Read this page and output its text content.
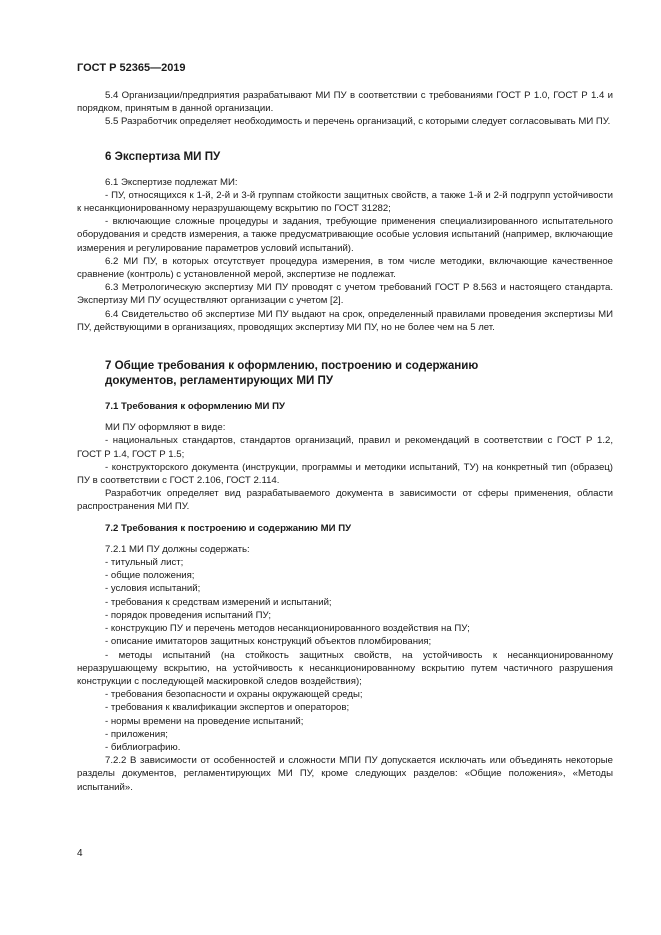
ГОСТ Р 52365—2019

5.4 Организации/предприятия разрабатывают МИ ПУ в соответствии с требованиями ГОСТ Р 1.0, ГОСТ Р 1.4 и порядком, принятым в данной организации.

5.5 Разработчик определяет необходимость и перечень организаций, с которыми следует согласовывать МИ ПУ.

6 Экспертиза МИ ПУ

6.1 Экспертизе подлежат МИ:

- ПУ, относящихся к 1-й, 2-й и 3-й группам стойкости защитных свойств, а также 1-й и 2-й подгрупп устойчивости к несанкционированному неразрушающему вскрытию по ГОСТ 31282;

- включающие сложные процедуры и задания, требующие применения специализированного испытательного оборудования и средств измерения, а также предусматривающие особые условия испытаний (например, включающие измерения и регулирование параметров условий испытаний).

6.2 МИ ПУ, в которых отсутствует процедура измерения, в том числе методики, включающие качественное сравнение (контроль) с установленной мерой, экспертизе не подлежат.

6.3 Метрологическую экспертизу МИ ПУ проводят с учетом требований ГОСТ Р 8.563 и настоящего стандарта. Экспертизу МИ ПУ осуществляют организации с учетом [2].

6.4 Свидетельство об экспертизе МИ ПУ выдают на срок, определенный правилами проведения экспертизы МИ ПУ, действующими в организациях, проводящих экспертизу МИ ПУ, но не более чем на 5 лет.

7 Общие требования к оформлению, построению и содержанию

документов, регламентирующих МИ ПУ

7.1 Требования к оформлению МИ ПУ

МИ ПУ оформляют в виде:

- национальных стандартов, стандартов организаций, правил и рекомендаций в соответствии с ГОСТ Р 1.2, ГОСТ Р 1.4, ГОСТ Р 1.5;

- конструкторского документа (инструкции, программы и методики испытаний, ТУ) на конкретный тип (образец) ПУ в соответствии с ГОСТ 2.106, ГОСТ 2.114.

Разработчик определяет вид разрабатываемого документа в зависимости от сферы применения, области распространения МИ ПУ.

7.2 Требования к построению и содержанию МИ ПУ

7.2.1 МИ ПУ должны содержать:

- титульный лист;

- общие положения;

- условия испытаний;

- требования к средствам измерений и испытаний;

- порядок проведения испытаний ПУ;

- конструкцию ПУ и перечень методов несанкционированного воздействия на ПУ;

- описание имитаторов защитных конструкций объектов пломбирования;

- методы испытаний (на стойкость защитных свойств, на устойчивость к несанкционированному неразрушающему вскрытию, на устойчивость к несанкционированному вскрытию путем частичного разрушения конструкции с последующей маскировкой следов воздействия);

- требования безопасности и охраны окружающей среды;

- требования к квалификации экспертов и операторов;

- нормы времени на проведение испытаний;

- приложения;

- библиографию.

7.2.2 В зависимости от особенностей и сложности МПИ ПУ допускается исключать или объединять некоторые разделы документов, регламентирующих МИ ПУ, кроме следующих разделов: «Общие положения», «Методы испытаний».

4
